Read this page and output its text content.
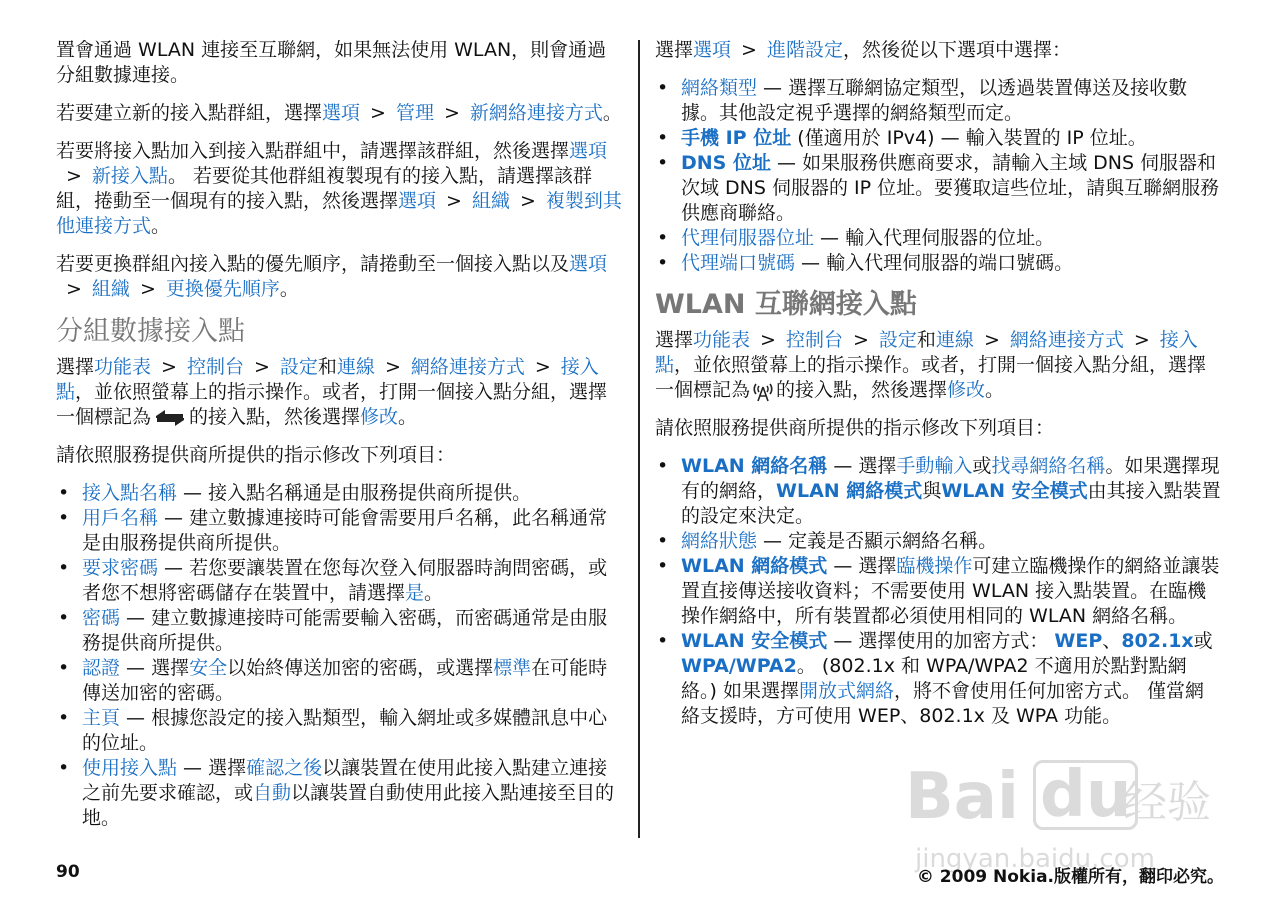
置會通過 WLAN 連接至互聯網，如果無法使用 WLAN，則會通過分組數據連接。

若要建立新的接入點群組，選擇選項 > 管理 > 新網絡連接方式。

若要將接入點加入到接入點群組中，請選擇該群組，然後選擇選項> 新接入點。 若要從其他群組複製現有的接入點，請選擇該群組，捲動至一個現有的接入點，然後選擇選項 > 組織 > 複製到其他連接方式。

若要更換群組內接入點的優先順序，請捲動至一個接入點以及選項> 組織 > 更換優先順序。

分組數據接入點

選擇功能表 > 控制台 > 設定和連線 > 網絡連接方式 > 接入點，並依照螢幕上的指示操作。或者，打開一個接入點分組，選擇一個標記為 的接入點，然後選擇修改。

請依照服務提供商所提供的指示修改下列項目：

• 接入點名稱 — 接入點名稱通是由服務提供商所提供。
• 用戶名稱 — 建立數據連接時可能會需要用戶名稱，此名稱通常是由服務提供商所提供。
• 要求密碼 — 若您要讓裝置在您每次登入伺服器時詢問密碼，或者您不想將密碼儲存在裝置中，請選擇是。
• 密碼 — 建立數據連接時可能需要輸入密碼，而密碼通常是由服務提供商所提供。
• 認證 — 選擇安全以始終傳送加密的密碼，或選擇標準在可能時傳送加密的密碼。
• 主頁 — 根據您設定的接入點類型，輸入網址或多媒體訊息中心的位址。
• 使用接入點 — 選擇確認之後以讓裝置在使用此接入點建立連接之前先要求確認，或自動以讓裝置自動使用此接入點連接至目的地。

選擇選項 > 進階設定，然後從以下選項中選擇：

• 網絡類型 — 選擇互聯網協定類型，以透過裝置傳送及接收數據。其他設定視乎選擇的網絡類型而定。
• 手機 IP 位址 (僅適用於 IPv4) — 輸入裝置的 IP 位址。
• DNS 位址 — 如果服務供應商要求，請輸入主域 DNS 伺服器和次域 DNS 伺服器的 IP 位址。要獲取這些位址，請與互聯網服務供應商聯絡。
• 代理伺服器位址 — 輸入代理伺服器的位址。
• 代理端口號碼 — 輸入代理伺服器的端口號碼。
WLAN 互聯網接入點

選擇功能表 > 控制台 > 設定和連線 > 網絡連接方式 > 接入點，並依照螢幕上的指示操作。或者，打開一個接入點分組，選擇一個標記為 的接入點，然後選擇修改。

請依照服務提供商所提供的指示修改下列項目：

• WLAN 網絡名稱 — 選擇手動輸入或找尋網絡名稱。如果選擇現有的網絡，WLAN 網絡模式與WLAN 安全模式由其接入點裝置的設定來決定。
• 網絡狀態 — 定義是否顯示網絡名稱。
• WLAN 網絡模式 — 選擇臨機操作可建立臨機操作的網絡並讓裝置直接傳送接收資料；不需要使用 WLAN 接入點裝置。在臨機操作網絡中，所有裝置都必須使用相同的 WLAN 網絡名稱。
• WLAN 安全模式 — 選擇使用的加密方式： WEP、802.1x或 WPA/WPA2。 (802.1x 和 WPA/WPA2 不適用於點對點網絡。) 如果選擇開放式網絡，將不會使用任何加密方式。 僅當網絡支援時，方可使用 WEP、802.1x 及 WPA 功能。
Bai du
经验
jingyan.baidu.com
90	© 2009 Nokia.版權所有，翻印必究。
